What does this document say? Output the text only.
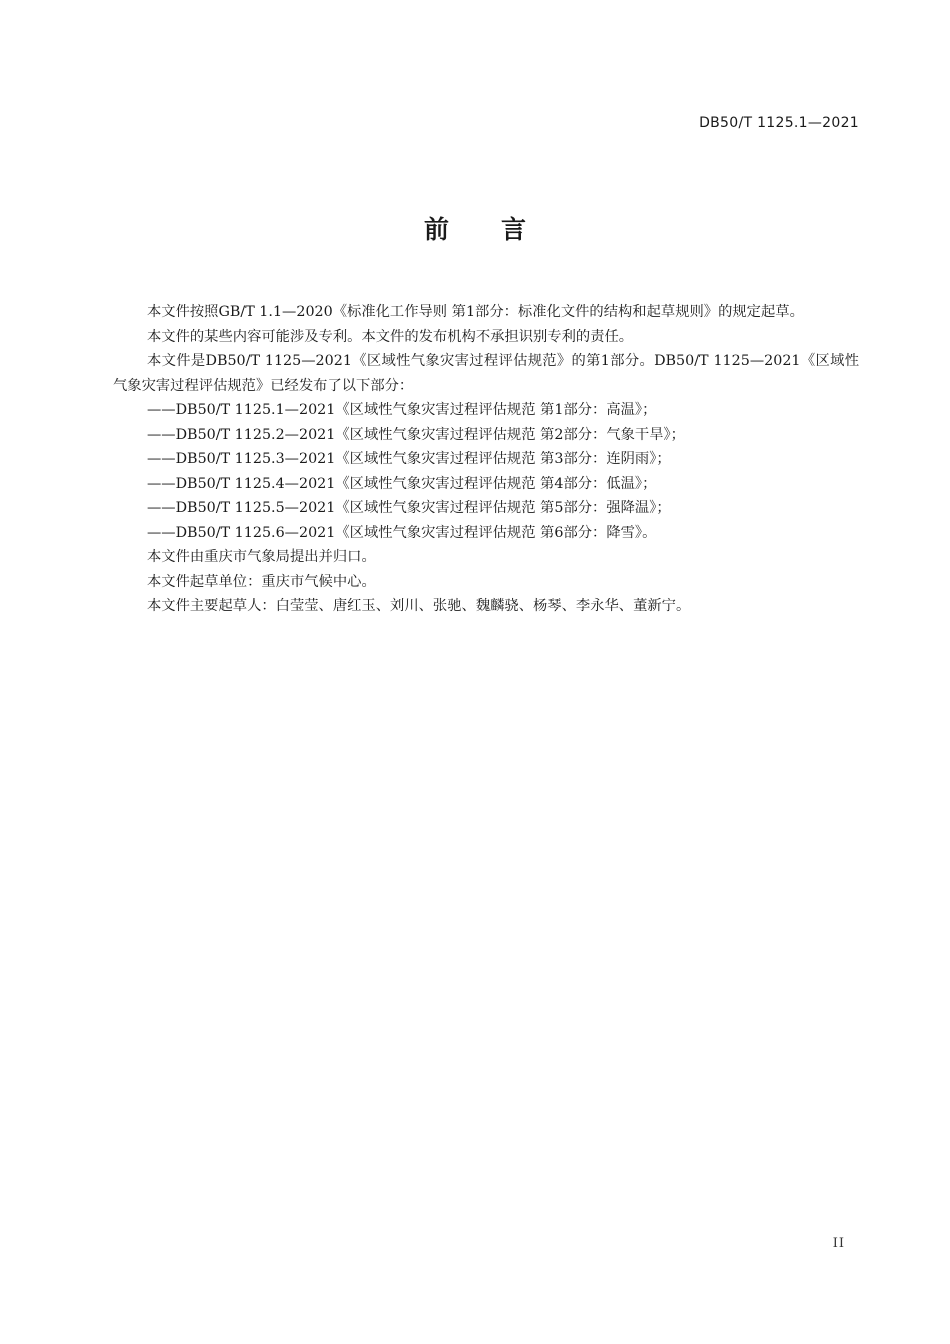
DB50/T 1125.1—2021
前言

本文件按照GB/T 1.1—2020《标准化工作导则 第1部分：标准化文件的结构和起草规则》的规定起草。

本文件的某些内容可能涉及专利。本文件的发布机构不承担识别专利的责任。

本文件是DB50/T 1125—2021《区域性气象灾害过程评估规范》的第1部分。DB50/T 1125—2021《区域性气象灾害过程评估规范》已经发布了以下部分：

——DB50/T 1125.1—2021《区域性气象灾害过程评估规范 第1部分：高温》；

——DB50/T 1125.2—2021《区域性气象灾害过程评估规范 第2部分：气象干旱》；

——DB50/T 1125.3—2021《区域性气象灾害过程评估规范 第3部分：连阴雨》；

——DB50/T 1125.4—2021《区域性气象灾害过程评估规范 第4部分：低温》；

——DB50/T 1125.5—2021《区域性气象灾害过程评估规范 第5部分：强降温》；

——DB50/T 1125.6—2021《区域性气象灾害过程评估规范 第6部分：降雪》。

本文件由重庆市气象局提出并归口。

本文件起草单位：重庆市气候中心。

本文件主要起草人：白莹莹、唐红玉、刘川、张驰、魏麟骁、杨琴、李永华、董新宁。

II
